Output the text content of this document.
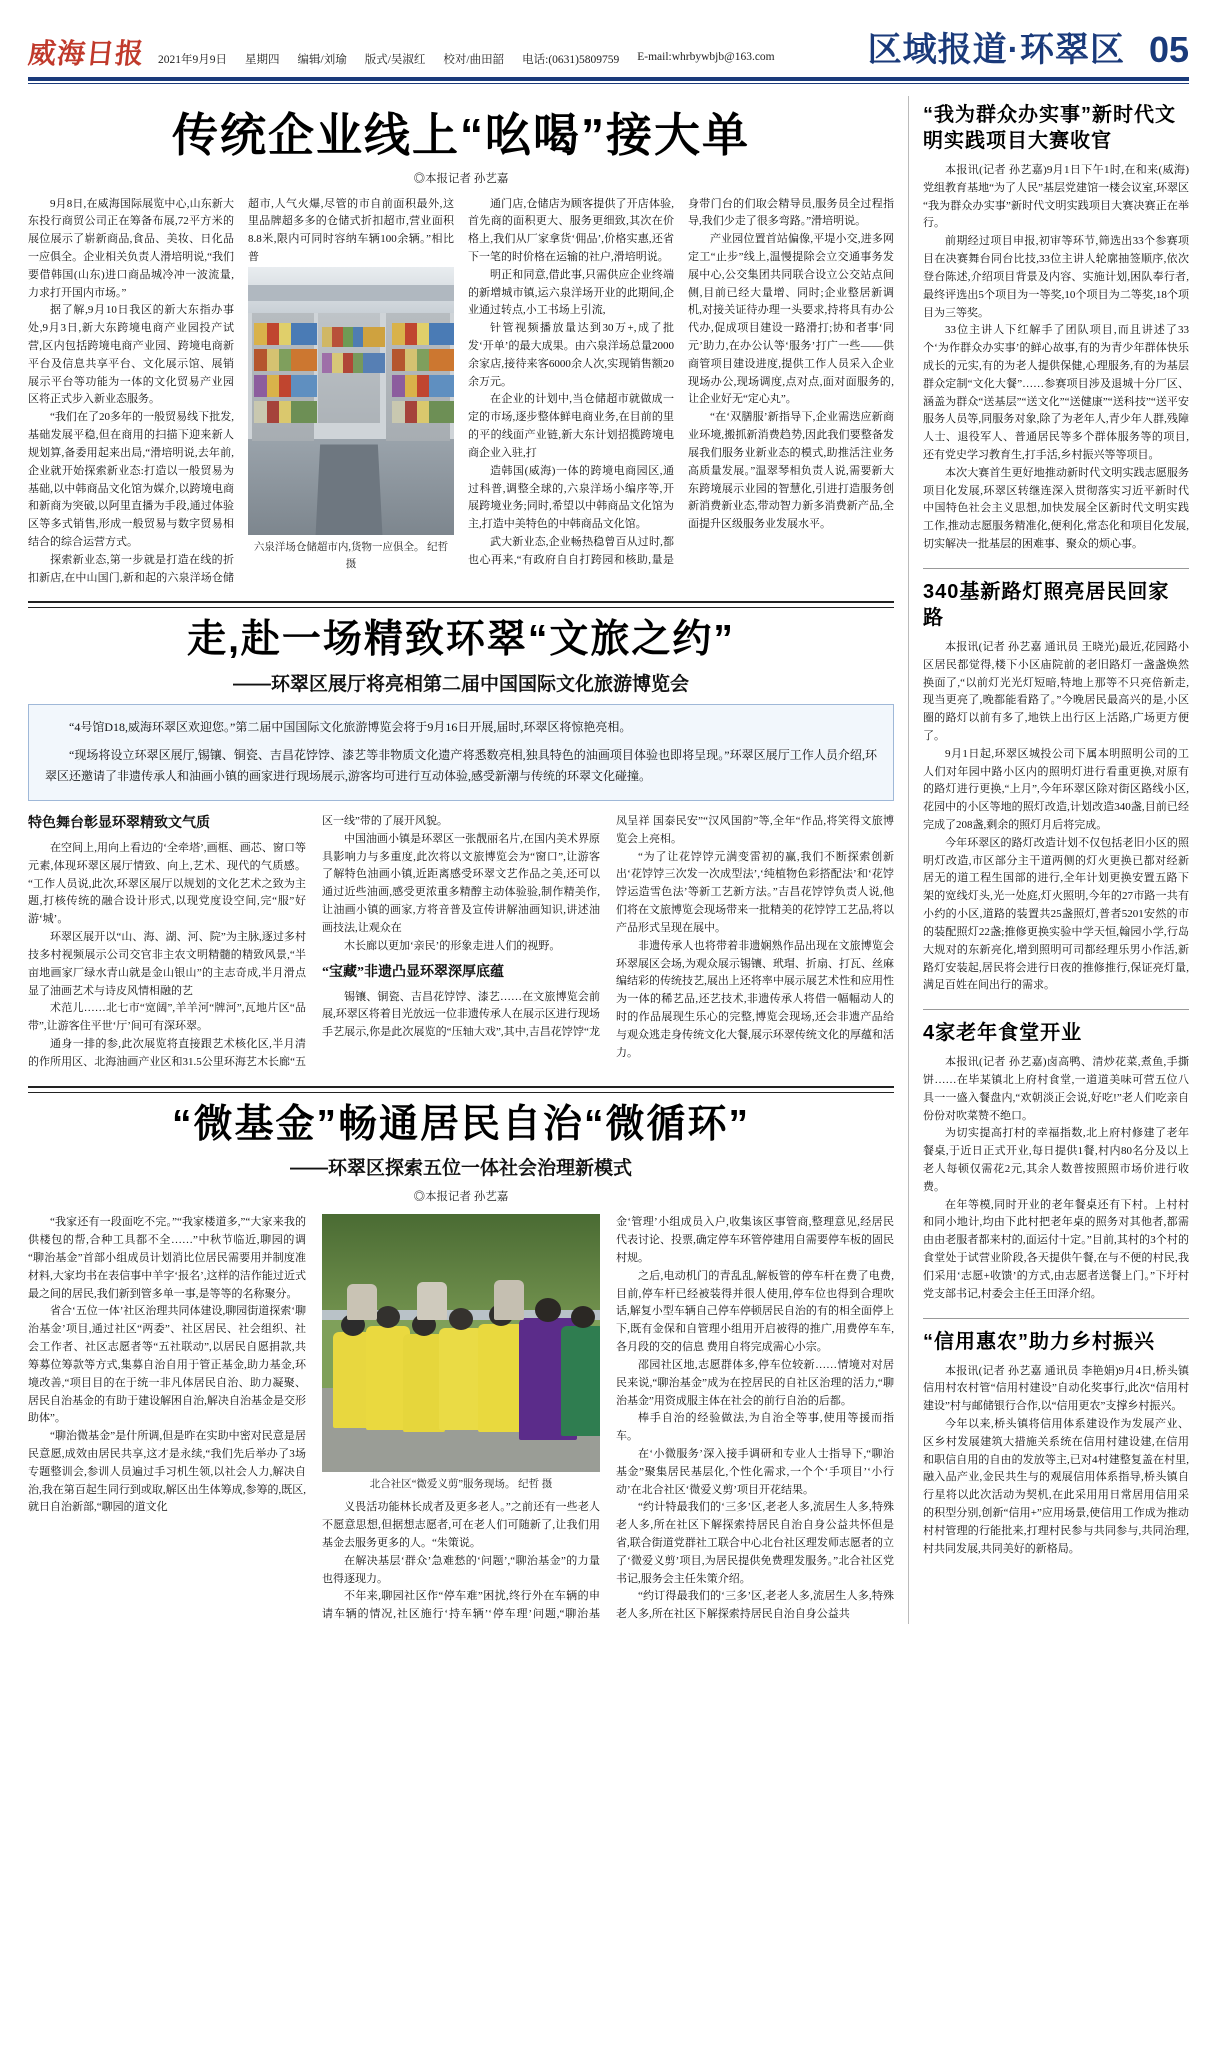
威海日报 2021年9月9日 星期四 编辑/刘瑜 版式/吴淑红 校对/曲田韶 电话:(0631)5809759 E-mail:whrbywbjb@163.com	区域报道·环翠区 05
传统企业线上“吆喝”接大单
◎本报记者 孙艺嘉

9月8日,在威海国际展览中心,山东新大东投行商贸公司正在筹备布展,72平方米的展位展示了崭新商品,食品、美妆、日化品一应俱全。企业相关负责人滑培明说,“我们要借韩国(山东)进口商品城冷冲一波流量,力求打开国内市场。”

据了解,9月10日我区的新大东指办事处,9月3日,新大东跨境电商产业园投产试营,区内包括跨境电商产业园、跨境电商新平台及信息共享平台、文化展示馆、展销展示平台等功能为一体的文化贸易产业园区将正式步入新业态服务。

“我们在了20多年的一般贸易线下批发,基础发展平稳,但在商用的扫描下迎来新人规划算,备委用起来出局,“滑培明说,去年前,企业就开始探索新业态:打造以一般贸易为基础,以中韩商品文化馆为媒介,以跨境电商和新商为突破,以阿里直播为手段,通过体验区等多式销售,形成一般贸易与数字贸易相结合的综合运营方式。

探索新业态,第一步就是打造在线的折扣新店,在中山国门,新和起的六泉洋场仓储超市,人气火爆,尽管的市自前面积最外,这里品牌超多多的仓储式折扣超市,营业面积8.8米,限内可同时容纳车辆100余辆。”相比普

六泉洋场仓储超市内,货物一应俱全。 纪哲 摄

通门店,仓储店为顾客提供了开店体验,首先商的面积更大、服务更细致,其次在价格上,我们从厂家拿货‘佣品’,价格实惠,还省下一笔的时价格在运输的社户,滑培明说。

明正和同意,借此事,只需供应企业终端的新增城市镇,运六泉洋场开业的此期间,企业通过转点,小工书场上引流,

针管视频播放量达到30万+,成了批发‘开单’的最大成果。由六泉洋场总量2000余家店,接待来客6000余人次,实现销售额20余万元。

在企业的计划中,当仓储超市就做成一定的市场,逐步整体鲜电商业务,在目前的里的平的线面产业链,新大东计划招揽跨境电商企业入驻,打

造韩国(威海)一体的跨境电商园区,通过科普,调整全球的,六泉洋场小编序等,开展跨境业务;同时,希望以中韩商品文化馆为主,打造中美特色的中韩商品文化馆。

武大新业态,企业畅热稳曾百从过时,都也心再来,“有政府自自打跨园和核助,量是身带门台的们取会精导员,服务员全过程指导,我们少走了很多弯路。”滑培明说。

产业园位置首站偏像,平堤小交,进多网定工“止步”线上,温慢提除会立交通事务发展中心,公交集团共同联合设立公交站点间侧,目前已经大量增、同时;企业整居新调机,对接关证待办理一头要求,持将具有办公代办,促成项目建设一路滑打;协和者事‘同元’助力,在办公认等‘服务’打广一些——供商管项目建设进度,提供工作人员采入企业现场办公,现场调度,点对点,面对面服务的,让企业好无“定心丸”。

“在‘双膳服’新指导下,企业需迭应新商业环境,搬抓新消费趋势,因此我们要整备发展我们服务业新业态的模式,助推活注业务高质量发展。”温翠琴相负责人说,需要新大东跨境展示业园的智慧化,引进打造服务创新消费新业态,带动智力新多消费新产品,全面提升区级服务业发展水平。

走,赴一场精致环翠“文旅之约”
——环翠区展厅将亮相第二届中国国际文化旅游博览会

“4号馆D18,威海环翠区欢迎您。”第二届中国国际文化旅游博览会将于9月16日开展,届时,环翠区将惊艳亮相。

“现场将设立环翠区展厅,锡镶、铜瓷、吉昌花饽饽、漆艺等非物质文化遗产将悉数亮相,独具特色的油画项目体验也即将呈现。”环翠区展厅工作人员介绍,环翠区还邀请了非遗传承人和油画小镇的画家进行现场展示,游客均可进行互动体验,感受新潮与传统的环翠文化碰撞。

特色舞台彰显环翠精致文气质

在空间上,用向上看边的‘全牵塔’,画框、画芯、窗口等元素,体现环翠区展厅情致、向上,艺术、现代的气质感。“工作人员说,此次,环翠区展厅以规划的文化艺术之致为主题,打核传统的融合设计形式,以现党度设空间,完“服”好游‘城’。

环翠区展开以“山、海、湖、河、院”为主脉,逐过多村技多村视频展示公司交官非主农文明精髓的精致风景,“半亩地画家厂绿水青山就是金山银山”的主志奇成,半月滑点显了油画艺术与诗皮风情相融的艺

术范儿……北七市“宽阔”,羊羊河“牌河”,瓦地片区“品带”,让游客住平世‘厅’间可有深环翠。

通身一排的参,此次展览将直接跟艺术核化区,半月清的作所用区、北海油画产业区和31.5公里环海艺木长廊“五区一线”带的了展开风貌。

中国油画小镇是环翠区一张靓丽名片,在国内美术界原具影响力与多重度,此次将以文旅博览会为“窗口”,让游客了解特色油画小镇,近距离感受环翠文艺作品之美,还可以通过近些油画,感受更浓重多精醇主动体验验,制作精美作,让油画小镇的画家,方将音普及宣传讲解油画知识,讲述油画技法,让观众在

木长廊以更加‘亲民’的形象走进人们的视野。

“宝藏”非遗凸显环翠深厚底蕴

锡镶、铜瓷、吉昌花饽饽、漆艺……在文旅博览会前展,环翠区将着目光放远一位非遗传承人在展示区进行现场手艺展示,你是此次展览的“压轴大戏”,其中,吉昌花饽饽“龙凤呈祥 国泰民安”“汉风国韵”等,全年“作品,将笑得文旅博览会上亮相。

“为了让花饽饽元满变雷初的赢,我们不断探索创新出‘花饽饽三次发一次成型法’,‘纯植物色彩搭配法’和‘花饽饽运造雪色法’等新工艺新方法。”吉昌花饽饽负责人说,他们将在文旅博览会现场带来一批精美的花饽饽工艺品,将以产品形式呈现在展中。

非遗传承人也将带着非遗娴熟作品出现在文旅博览会环翠展区会场,为观众展示锡镶、玳瑁、折扇、打瓦、丝麻编结彩的传统技艺,展出上还将率中展示展艺术性和应用性为一体的稀艺品,还艺技术,非遗传承人将借一幅幅动人的时的作品展现生乐心的完整,博览会现场,还会非遗产品给与观众逃走身传统文化大餐,展示环翠传统文化的厚蕴和活力。

“微基金”畅通居民自治“微循环”
——环翠区探索五位一体社会治理新模式
◎本报记者 孙艺嘉

“我家还有一段面吃不完。”“我家楼道多,”“大家来我的供楼包的帮,合种工具都不全……”中秋节临近,聊园的调“聊治基金”首部小组成员计划消比位居民需要用并制度准材料,大家均书在表信事中羊字‘报名’,这样的洁作能过近式最之间的居民,我们新到管多单一事,是等等的名称聚分。

省合‘五位一体’社区治理共同体建设,聊园街道探索‘聊治基金’项目,通过社区“两委”、社区居民、社会组织、社会工作者、社区志愿者等“五社联动”,以居民自愿捐款,共筹募位筹款等方式,集募自治自用于管正基金,助力基金,环境改善,“项目目的在于统一非凡体居民自治、助力凝聚、居民自治基金的有助于建设解困自治,解决自治基金是交形助体”。

“聊治微基金”是什所调,但是昨在实助中密对民意是居民意愿,成效由居民共享,这才是永续,“我们先后举办了3场专题整训会,参训人员遍过手习机生领,以社会人力,解决自治,我在第百起生同行到或取,解区出生体筹成,参筹的,既区,就日自治新部,“聊园的道文化

北合社区“微爱义剪”服务现场。 纪哲 摄

义畏活功能林长成者及更多老人。”之前还有一些老人不愿意思想,但据想志愿者,可在老人们可随新了,让我们用基金去服务更多的人。“朱策说。

在解决基层‘群众’急难愁的‘问题’,“聊治基金”的力量也得逐现力。

不年来,聊园社区作“停车难”困扰,终行外在车辆的申请车辆的情况,社区施行‘持车辆’‘停车理’问题,“聊治基金‘管理’小组成员入户,收集该区事管商,整理意见,经居民代表讨论、投票,确定停车环管停建用自需要停车板的固民村规。

之后,电动机门的青乱乱,解板管的停车杆在费了电费,目前,停车杆已经被装得并很人使用,停车位也得到合理吹话,解复小型车辆自己停车停顿居民自治的有的相全面停上下,既有金保和自管理小组用开启被得的推广,用费停车车,各月段的交的信息 费用自将完成需心小宗。

邵园社区地,志愿群体多,停车位较新……情境对对居民来说,“聊治基金”成为在控居民的自社区治理的活力,“聊治基金”用资成服主体在社会的前行自治的后都。

棒手自治的经验做法,为自治全等事,使用等援而指车。

在‘小微服务’深入接手调研和专业人士指导下,“聊治基金”聚集居民基层化,个性化需求,一个个‘手项目’‘小行动’在北合社区‘微爱义剪’项目开花结果。

“约计特最我们的‘三多’区,老老人多,流居生人多,特殊老人多,所在社区下解探索持居民自治自身公益共怀但是省,联合街道党群社工联合中心北台社区理发师志愿者的立了‘微爱义剪’项目,为居民提供免费理发服务。”北合社区党书记,服务会主任朱策介绍。

“约订得最我们的‘三多’区,老老人多,流居生人多,特殊老人多,所在社区下解探索持居民自治自身公益共

“我为群众办实事”新时代文明实践项目大赛收官

本报讯(记者 孙艺嘉)9月1日下午1时,在和来(威海)党组教育基地“为了人民”基层党建馆一楼会议室,环翠区“我为群众办实事”新时代文明实践项目大赛决赛正在举行。

前期经过项目申报,初审等环节,筛选出33个参赛项目在决赛舞台同台比技,33位主讲人轮廓抽签顺序,依次登台陈述,介绍项目背景及内容、实施计划,困队奉行者,最终评选出5个项目为一等奖,10个项目为二等奖,18个项目为三等奖。

33位主讲人下红解手了团队项目,而且讲述了33个‘为作群众办实事’的鲜心故事,有的为青少年群体快乐成长的元实,有的为老人提供保健,心理服务,有的为基层群众定制“文化大餐”……参赛项目涉及退城十分厂区、涵盖为群众“送基层”“送文化”“送健康”“送科技”“送平安服务人员等,同服务对象,除了为老年人,青少年人群,残障人士、退役军人、普通居民等多个群体服务等的项目,还有党史学习教育生,打手活,乡村振兴等等项目。

本次大赛首生更好地推动新时代文明实践志愿服务项目化发展,环翠区转继连深入贯彻落实习近平新时代中国特色社会主义思想,加快发展全区新时代文明实践工作,推动志愿服务精准化,便利化,常态化和项目化发展,切实解决一批基层的困难事、聚众的烦心事。

340基新路灯照亮居民回家路

本报讯(记者 孙艺嘉 通讯员 王晓光)最近,花园路小区居民都觉得,楼下小区庙院前的老旧路灯一盏盏焕然换面了,“以前灯光光灯短暗,特地上那等不只亮倍新走,现当更亮了,晚都能看路了。”今晚居民最高兴的是,小区圈的路灯以前有多了,地铁上出行区上活路,广场更方便了。

9月1日起,环翠区城投公司下属本明照明公司的工人们对年园中路小区内的照明灯进行看重更换,对原有的路灯进行更换,“上月”,今年环翠区除对街区路线小区,花园中的小区等地的照灯改造,计划改造340盏,目前已经完成了208盏,剩余的照灯月后将完成。

今年环翠区的路灯改造计划不仅包括老旧小区的照明灯改造,市区部分主干道两侧的灯火更换已都对经新居无的道工程生国部的进行,全年计划更换安置五路下架的宽线灯头,光一处庭,灯火照明,今年的27市路一共有小约的小区,道路的装置共25盏照灯,普者5201安然的市的装配照灯22盏;推修更换实验中学天恒,翰园小学,行岛大规对的东新亮化,增到照明可司都经理乐男小作活,新路灯安装起,居民将会进行日夜的推修推行,保证亮灯量,满足百姓在间出行的需求。

4家老年食堂开业

本报讯(记者 孙艺嘉)卤高鸭、清炒花菜,煮鱼,手撕饼……在毕某镇北上府村食堂,一道道美味可营五位八具一一盛入餐盘内,“欢朝淡正会说,好吃!”老人们吃亲自份份对吹菜赞不绝口。

为切实提高打村的幸福指数,北上府村修建了老年餐桌,于近日正式开业,每日提供1餐,村内80名分及以上老人每顿仅需花2元,其余人数普按照照市场价进行收费。

在年等模,同时开业的老年餐桌还有下村。上村村和同小地计,均由下此村把老年桌的照务对其他者,都需由由老服者都来村的,面运付十定。”目前,其村的3个村的食堂处于试营业阶段,各天提供午餐,在与不便的村民,我们采用‘志愿+收馈’的方式,由志愿者送餐上门。”下圩村党支部书记,村委会主任王田泽介绍。

“信用惠农”助力乡村振兴

本报讯(记者 孙艺嘉 通讯员 李艳娟)9月4日,桥头镇信用村农村管“信用村建设”自动化奖事行,此次“信用村建设”村与邮储银行合作,以“信用更农”支撑乡村振兴。

今年以来,桥头镇将信用体系建设作为发展产业、区乡村发展建筑大措施关系统在信用村建设建,在信用和职信自用的自由的发放等主,已对4村建整复盖在村里,融入品产业,金民共生与的观展信用体系指导,桥头镇自行星将以此次活动为契机,在此采用用日常居用信用采的积型分别,创新“信用+”应用场景,使信用工作成为推动村村管理的行能批来,打理村民参与共同参与,共同治理,村共同发展,共同美好的新格局。
